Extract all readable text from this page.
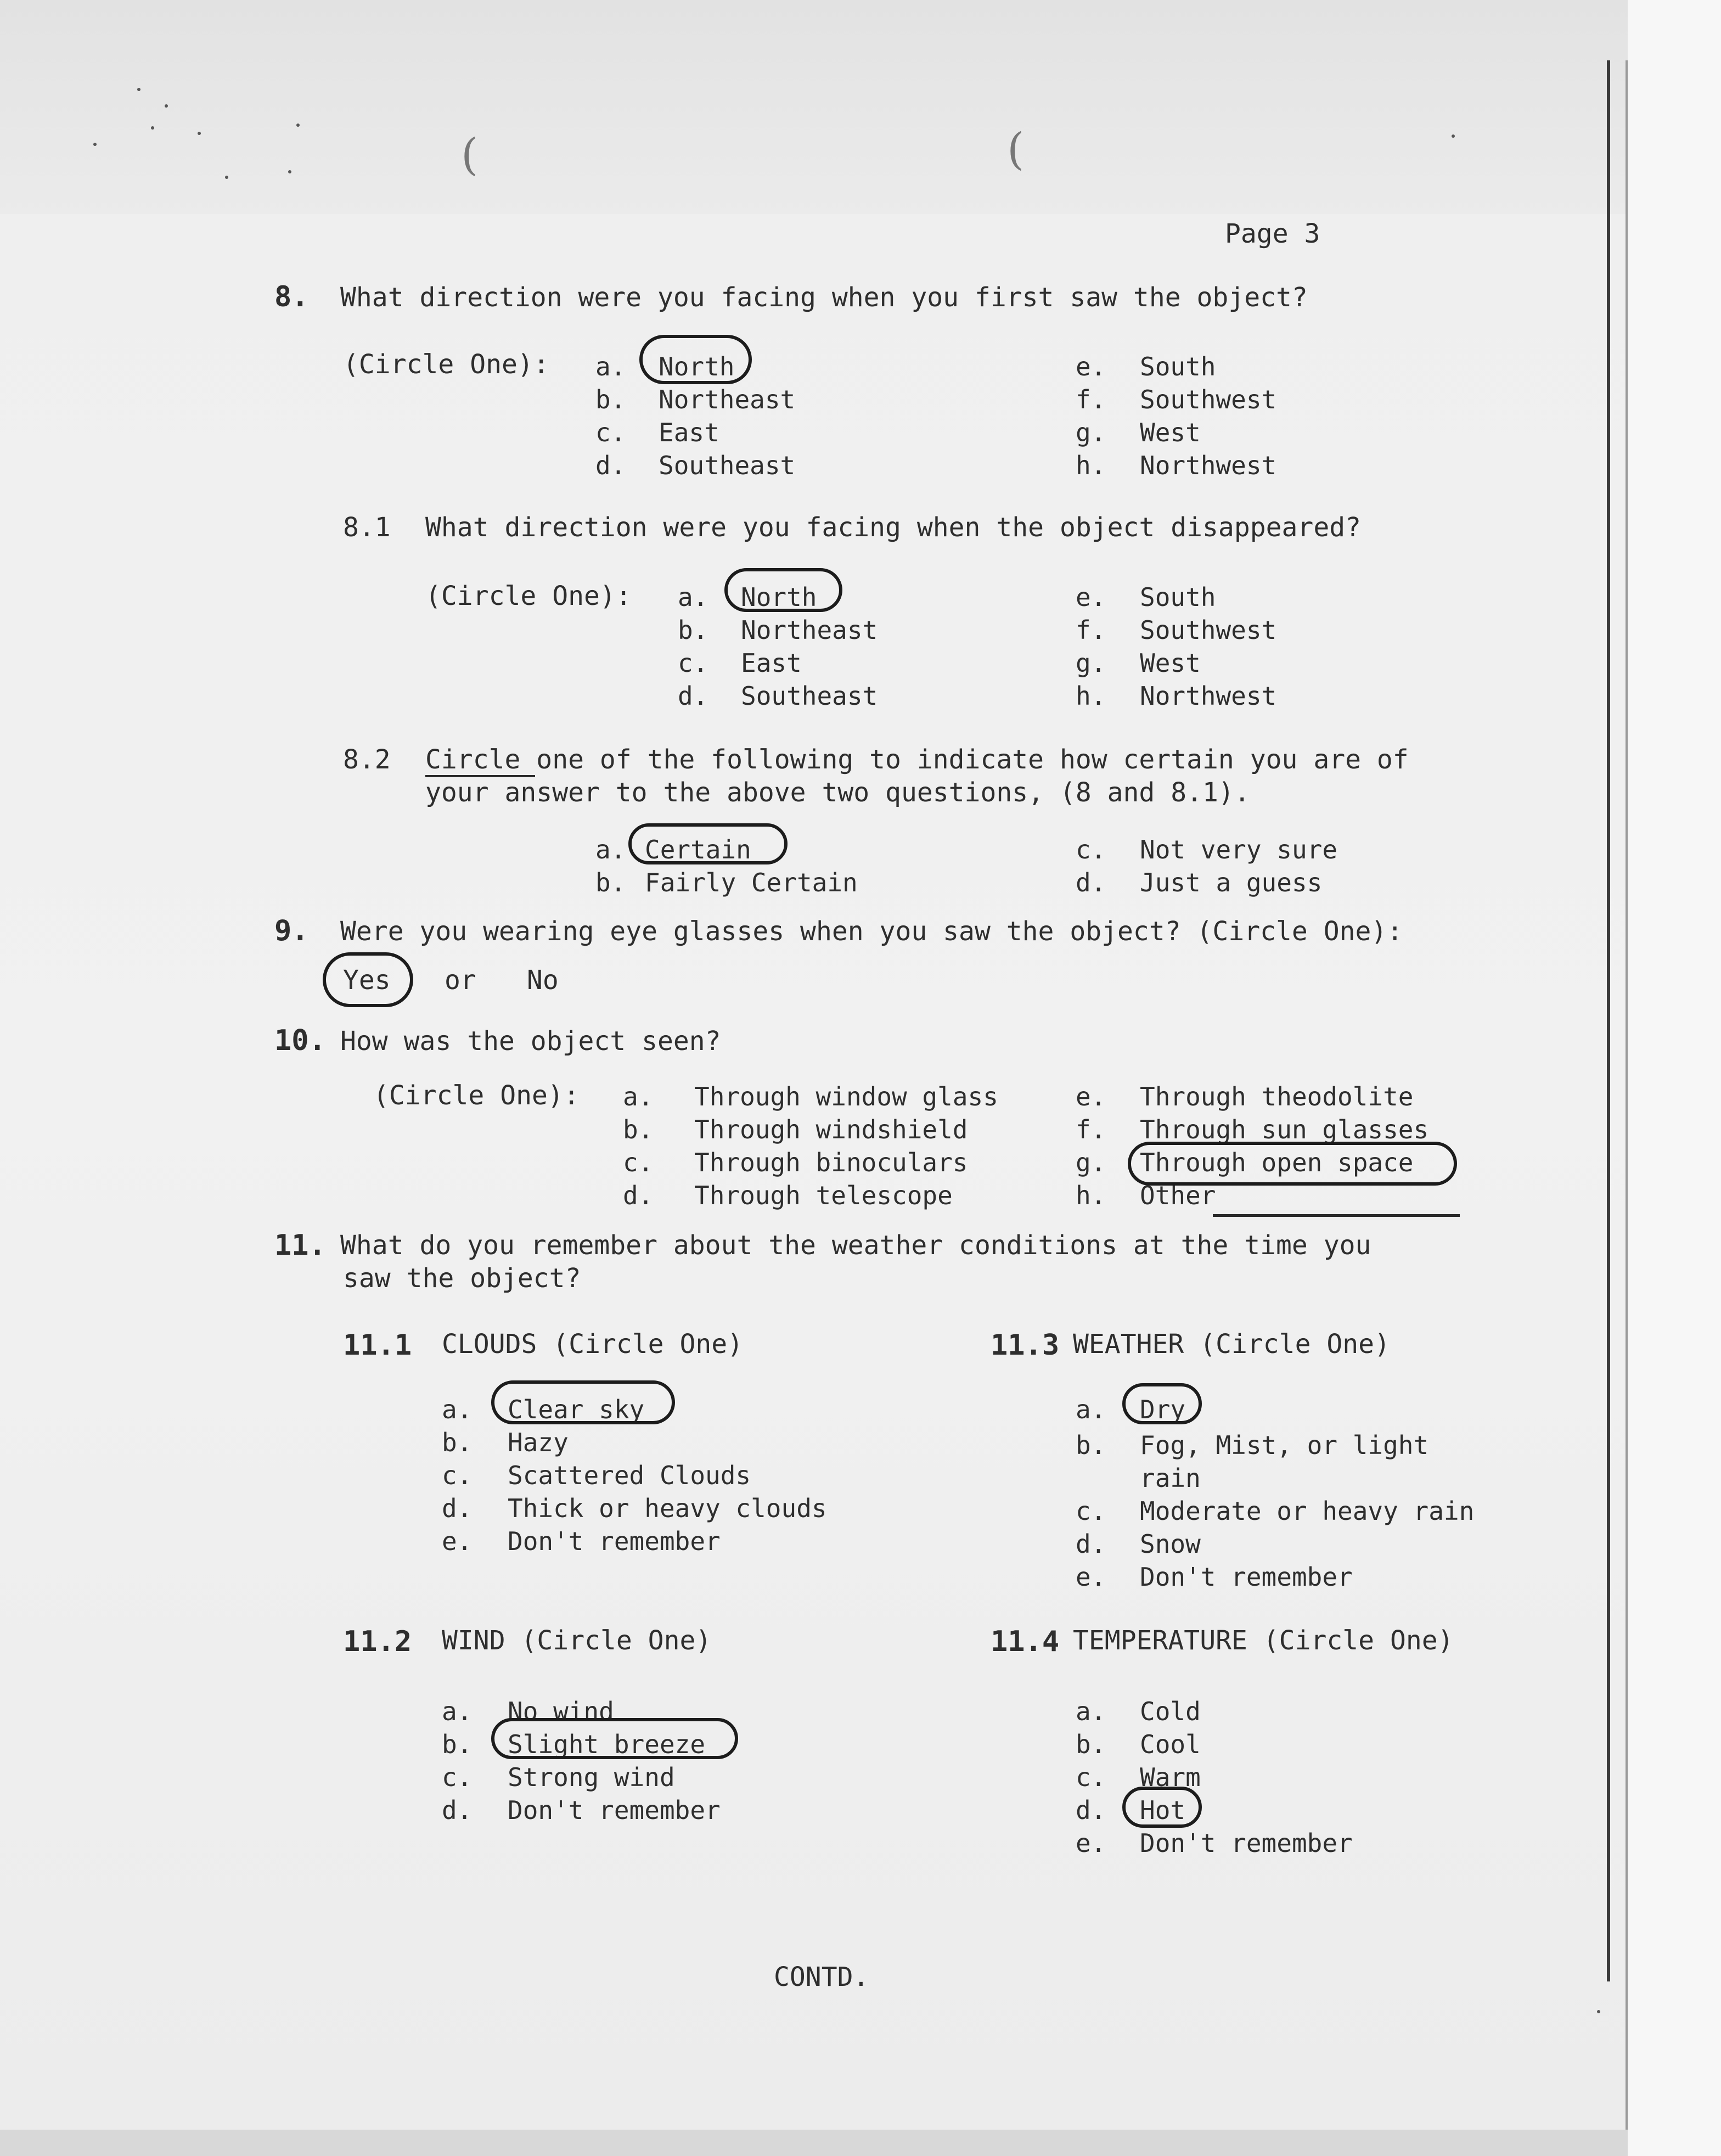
(	(
Page 3
8. What direction were you facing when you first saw the object?
(Circle One): a. North
b. Northeast
c. East
d. Southeast
e. South
f. Southwest
g. West
h. Northwest
8.1 What direction were you facing when the object disappeared?
(Circle One): a. North
b. Northeast
c. East
d. Southeast
e. South
f. Southwest
g. West
h. Northwest
8.2 Circle one of the following to indicate how certain you are of
your answer to the above two questions, (8 and 8.1).
a. Certain
b. Fairly Certain
c. Not very sure
d. Just a guess
9. Were you wearing eye glasses when you saw the object? (Circle One):
Yes or No
10. How was the object seen?
(Circle One): a. Through window glass
b. Through windshield
c. Through binoculars
d. Through telescope
e. Through theodolite
f. Through sun glasses
g. Through open space
h. Other
11. What do you remember about the weather conditions at the time you
saw the object?
11.1 CLOUDS (Circle One)
a. Clear sky
b. Hazy
c. Scattered Clouds
d. Thick or heavy clouds
e. Don't remember
11.2 WIND (Circle One)
a. No wind
b. Slight breeze
c. Strong wind
d. Don't remember
11.3 WEATHER (Circle One)
a. Dry
b. Fog, Mist, or light
rain
c. Moderate or heavy rain
d. Snow
e. Don't remember
11.4 TEMPERATURE (Circle One)
a. Cold
b. Cool
c. Warm
d. Hot
e. Don't remember
CONTD.
